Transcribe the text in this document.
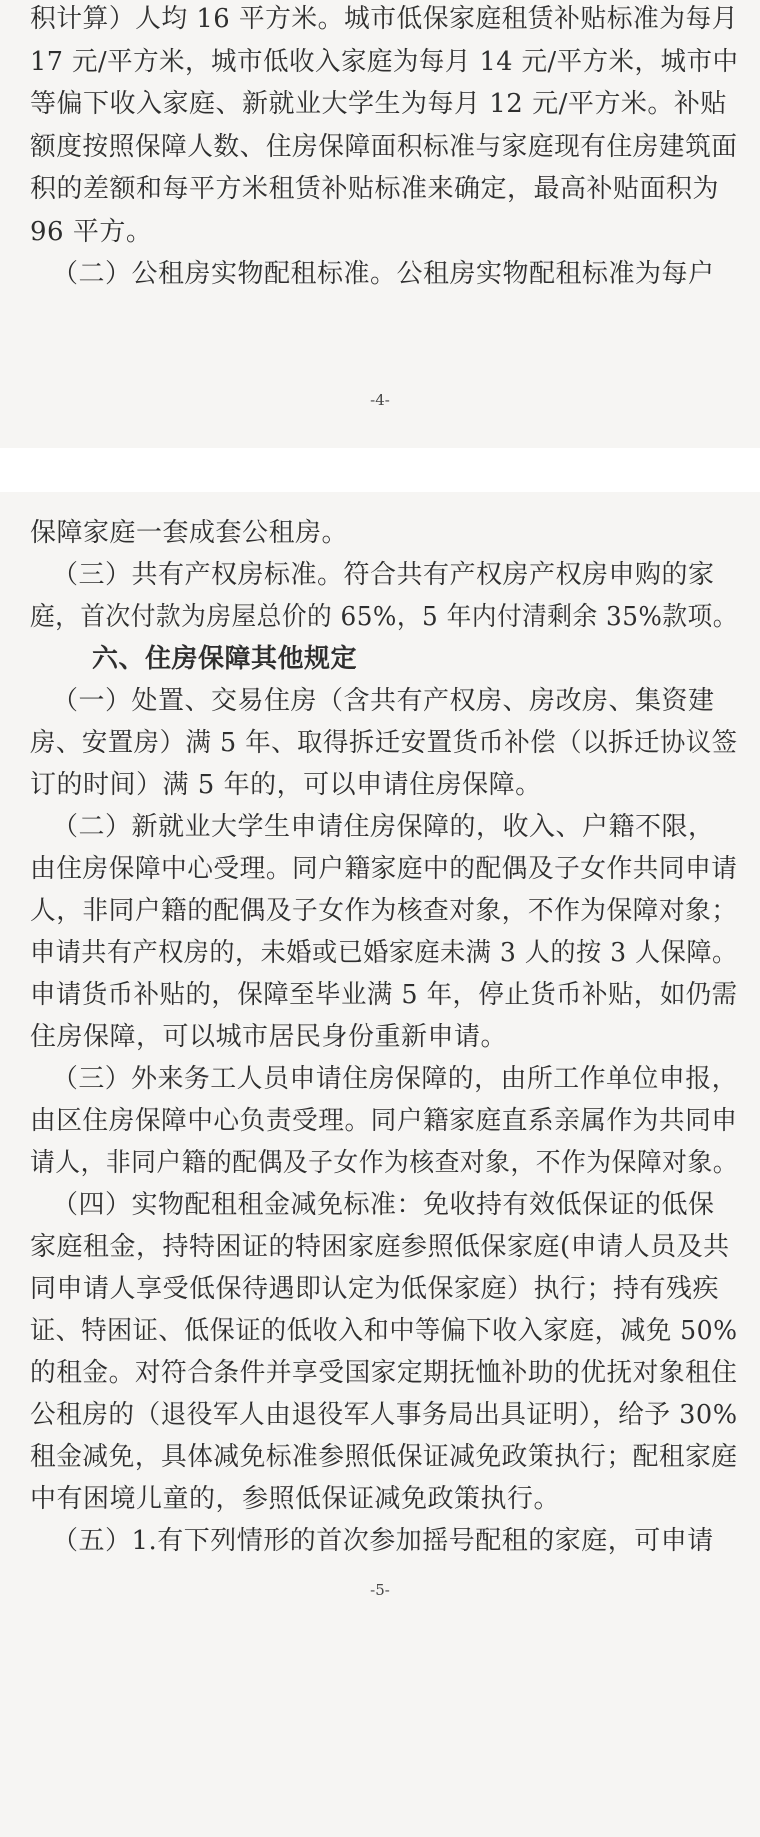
积计算）人均 16 平方米。城市低保家庭租赁补贴标准为每月
17 元/平方米，城市低收入家庭为每月 14 元/平方米，城市中
等偏下收入家庭、新就业大学生为每月 12 元/平方米。补贴
额度按照保障人数、住房保障面积标准与家庭现有住房建筑面
积的差额和每平方米租赁补贴标准来确定，最高补贴面积为
96 平方。
（二）公租房实物配租标准。公租房实物配租标准为每户
-4-
保障家庭一套成套公租房。
（三）共有产权房标准。符合共有产权房产权房申购的家
庭，首次付款为房屋总价的 65%，5 年内付清剩余 35%款项。
六、住房保障其他规定
（一）处置、交易住房（含共有产权房、房改房、集资建
房、安置房）满 5 年、取得拆迁安置货币补偿（以拆迁协议签
订的时间）满 5 年的，可以申请住房保障。
（二）新就业大学生申请住房保障的，收入、户籍不限，
由住房保障中心受理。同户籍家庭中的配偶及子女作共同申请
人，非同户籍的配偶及子女作为核查对象，不作为保障对象；
申请共有产权房的，未婚或已婚家庭未满 3 人的按 3 人保障。
申请货币补贴的，保障至毕业满 5 年，停止货币补贴，如仍需
住房保障，可以城市居民身份重新申请。
（三）外来务工人员申请住房保障的，由所工作单位申报，
由区住房保障中心负责受理。同户籍家庭直系亲属作为共同申
请人，非同户籍的配偶及子女作为核查对象，不作为保障对象。
（四）实物配租租金减免标准：免收持有效低保证的低保
家庭租金，持特困证的特困家庭参照低保家庭(申请人员及共
同申请人享受低保待遇即认定为低保家庭）执行；持有残疾
证、特困证、低保证的低收入和中等偏下收入家庭，减免 50%
的租金。对符合条件并享受国家定期抚恤补助的优抚对象租住
公租房的（退役军人由退役军人事务局出具证明），给予 30%
租金减免，具体减免标准参照低保证减免政策执行；配租家庭
中有困境儿童的，参照低保证减免政策执行。
（五）1.有下列情形的首次参加摇号配租的家庭，可申请
-5-
